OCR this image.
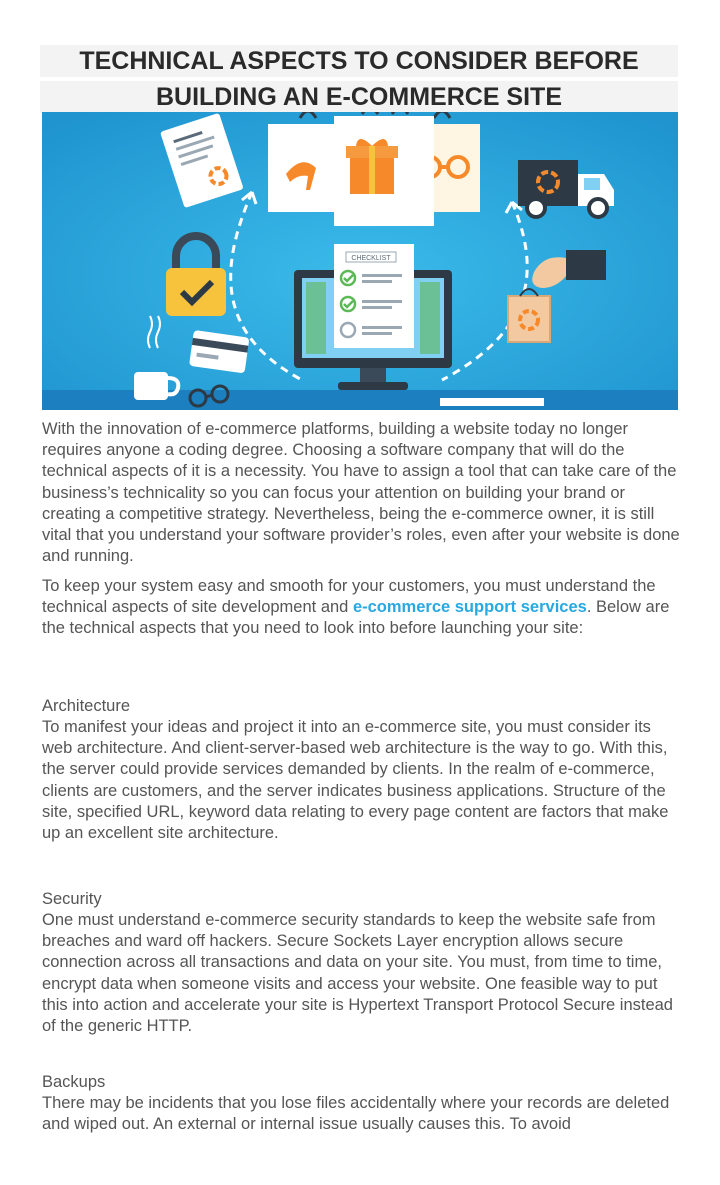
TECHNICAL ASPECTS TO CONSIDER BEFORE
BUILDING AN E-COMMERCE SITE
CHECKLIST
With the innovation of e-commerce platforms, building a website today no longer requires anyone a coding degree. Choosing a software company that will do the technical aspects of it is a necessity. You have to assign a tool that can take care of the business’s technicality so you can focus your attention on building your brand or creating a competitive strategy. Nevertheless, being the e-commerce owner, it is still vital that you understand your software provider’s roles, even after your website is done and running.
To keep your system easy and smooth for your customers, you must understand the technical aspects of site development and e-commerce support services. Below are the technical aspects that you need to look into before launching your site:
Architecture
To manifest your ideas and project it into an e-commerce site, you must consider its web architecture. And client-server-based web architecture is the way to go. With this, the server could provide services demanded by clients. In the realm of e-commerce, clients are customers, and the server indicates business applications. Structure of the site, specified URL, keyword data relating to every page content are factors that make up an excellent site architecture.
Security
One must understand e-commerce security standards to keep the website safe from breaches and ward off hackers. Secure Sockets Layer encryption allows secure connection across all transactions and data on your site. You must, from time to time, encrypt data when someone visits and access your website. One feasible way to put this into action and accelerate your site is Hypertext Transport Protocol Secure instead of the generic HTTP.
Backups
There may be incidents that you lose files accidentally where your records are deleted and wiped out. An external or internal issue usually causes this. To avoid
